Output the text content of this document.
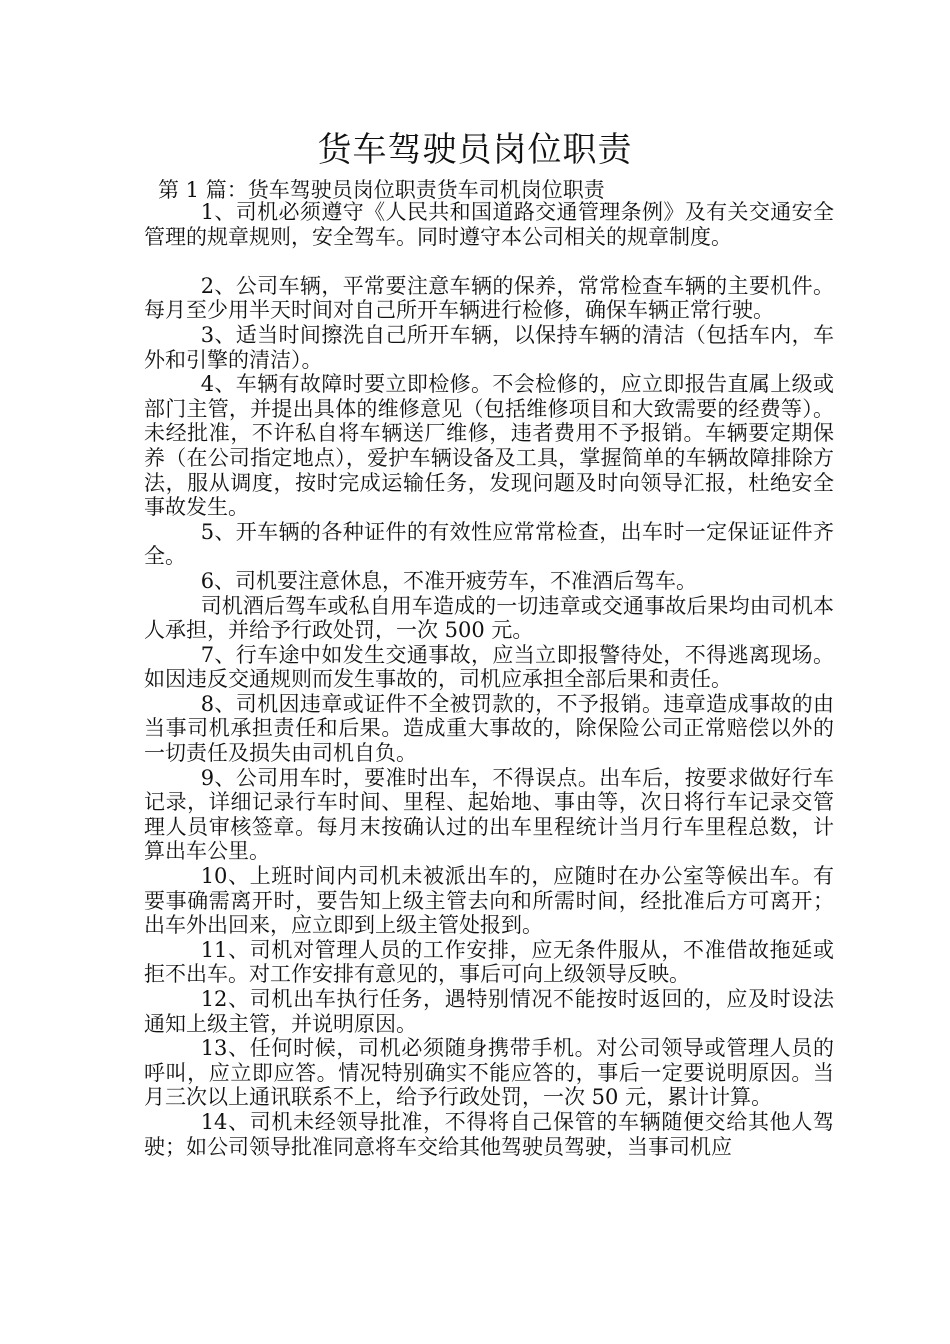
货车驾驶员岗位职责

第 1 篇：货车驾驶员岗位职责货车司机岗位职责

1、司机必须遵守《人民共和国道路交通管理条例》及有关交通安全管理的规章规则，安全驾车。同时遵守本公司相关的规章制度。

2、公司车辆，平常要注意车辆的保养，常常检查车辆的主要机件。每月至少用半天时间对自己所开车辆进行检修，确保车辆正常行驶。

3、适当时间擦洗自己所开车辆，以保持车辆的清洁（包括车内，车外和引擎的清洁）。

4、车辆有故障时要立即检修。不会检修的，应立即报告直属上级或部门主管，并提出具体的维修意见（包括维修项目和大致需要的经费等）。未经批准，不许私自将车辆送厂维修，违者费用不予报销。车辆要定期保养（在公司指定地点），爱护车辆设备及工具，掌握简单的车辆故障排除方法，服从调度，按时完成运输任务，发现问题及时向领导汇报，杜绝安全事故发生。

5、开车辆的各种证件的有效性应常常检查，出车时一定保证证件齐全。

6、司机要注意休息，不准开疲劳车，不准酒后驾车。

司机酒后驾车或私自用车造成的一切违章或交通事故后果均由司机本人承担，并给予行政处罚，一次 500 元。

7、行车途中如发生交通事故，应当立即报警待处，不得逃离现场。如因违反交通规则而发生事故的，司机应承担全部后果和责任。

8、司机因违章或证件不全被罚款的，不予报销。违章造成事故的由当事司机承担责任和后果。造成重大事故的，除保险公司正常赔偿以外的一切责任及损失由司机自负。

9、公司用车时，要准时出车，不得误点。出车后，按要求做好行车记录，详细记录行车时间、里程、起始地、事由等，次日将行车记录交管理人员审核签章。每月末按确认过的出车里程统计当月行车里程总数，计算出车公里。

10、上班时间内司机未被派出车的，应随时在办公室等候出车。有要事确需离开时，要告知上级主管去向和所需时间，经批准后方可离开；出车外出回来，应立即到上级主管处报到。

11、司机对管理人员的工作安排，应无条件服从，不准借故拖延或拒不出车。对工作安排有意见的，事后可向上级领导反映。

12、司机出车执行任务，遇特别情况不能按时返回的，应及时设法通知上级主管，并说明原因。

13、任何时候，司机必须随身携带手机。对公司领导或管理人员的呼叫，应立即应答。情况特别确实不能应答的，事后一定要说明原因。当月三次以上通讯联系不上，给予行政处罚，一次 50 元，累计计算。

14、司机未经领导批准，不得将自己保管的车辆随便交给其他人驾驶；如公司领导批准同意将车交给其他驾驶员驾驶，当事司机应
